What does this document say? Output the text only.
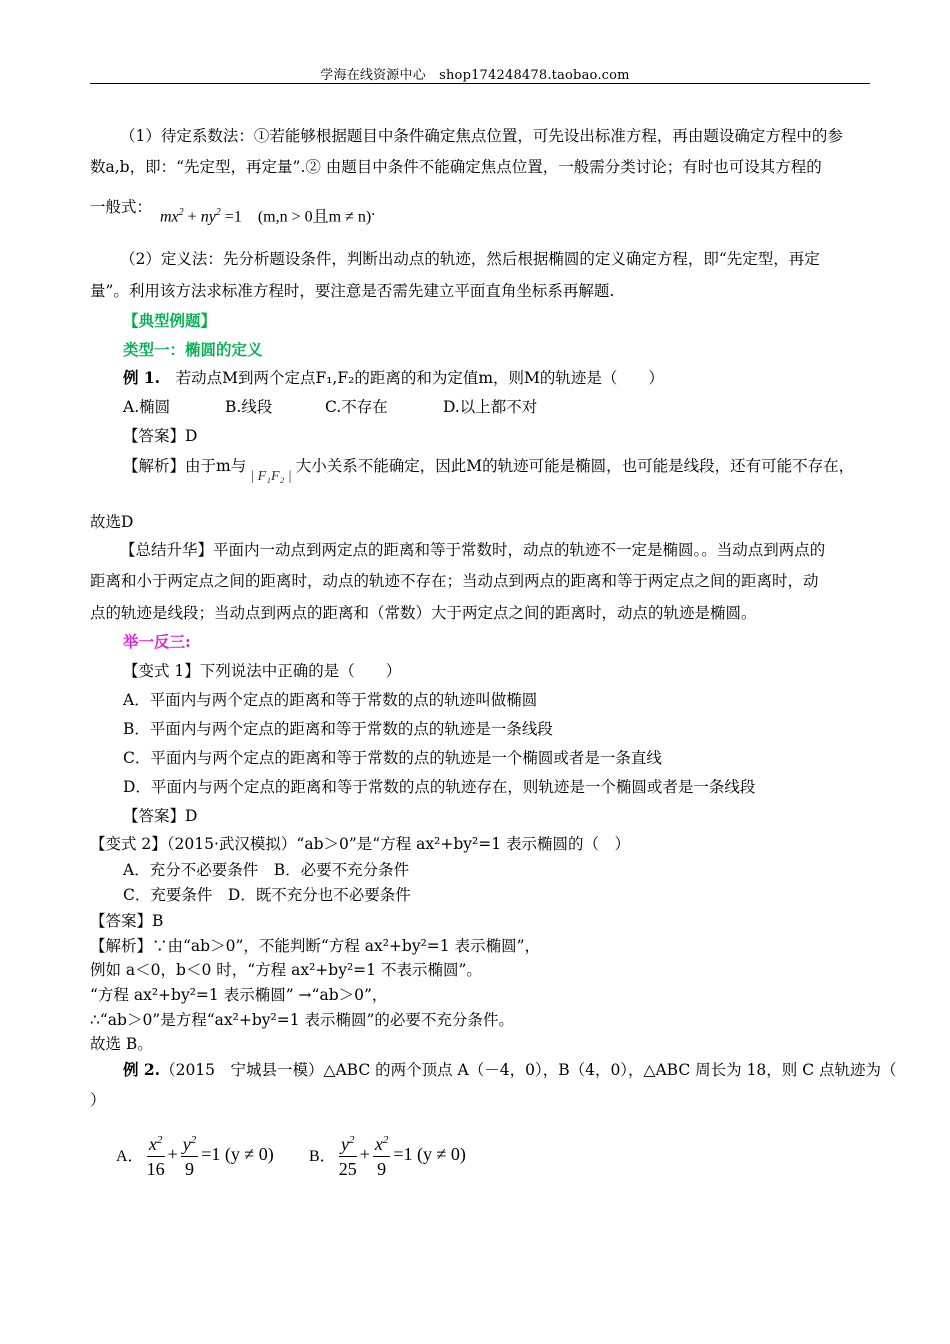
学海在线资源中心　shop174248478.taobao.com
（1）待定系数法：①若能够根据题目中条件确定焦点位置，可先设出标准方程，再由题设确定方程中的参
数a,b，即：“先定型，再定量”.② 由题目中条件不能确定焦点位置，一般需分类讨论；有时也可设其方程的
一般式：
$mx^2 + ny^2 =1$　(m,n > 0且m ≠ n).
（2）定义法：先分析题设条件，判断出动点的轨迹，然后根据椭圆的定义确定方程，即“先定型，再定
量”。利用该方法求标准方程时，要注意是否需先建立平面直角坐标系再解题.
【典型例题】
类型一：椭圆的定义
例 1.　若动点M到两个定点F₁,F₂的距离的和为定值m，则M的轨迹是（　　）
A.椭圆	B.线段	C.不存在	D.以上都不对
【答案】D
【解析】由于m与| F₁F₂ |大小关系不能确定，因此M的轨迹可能是椭圆，也可能是线段，还有可能不存在，
故选D
【总结升华】平面内一动点到两定点的距离和等于常数时，动点的轨迹不一定是椭圆。。当动点到两点的
距离和小于两定点之间的距离时，动点的轨迹不存在；当动点到两点的距离和等于两定点之间的距离时，动
点的轨迹是线段；当动点到两点的距离和（常数）大于两定点之间的距离时，动点的轨迹是椭圆。
举一反三:
【变式 1】下列说法中正确的是（　　）
A．平面内与两个定点的距离和等于常数的点的轨迹叫做椭圆
B．平面内与两个定点的距离和等于常数的点的轨迹是一条线段
C．平面内与两个定点的距离和等于常数的点的轨迹是一个椭圆或者是一条直线
D．平面内与两个定点的距离和等于常数的点的轨迹存在，则轨迹是一个椭圆或者是一条线段
【答案】D
【变式 2】（2015·武汉模拟）“ab＞0”是“方程 ax²+by²=1 表示椭圆的（　）
A．充分不必要条件　B．必要不充分条件
C．充要条件　D．既不充分也不必要条件
【答案】B
【解析】∵由“ab＞0”，不能判断“方程 ax²+by²=1 表示椭圆”，
例如 a＜0，b＜0 时，“方程 ax²+by²=1 不表示椭圆”。
“方程 ax²+by²=1 表示椭圆” →“ab＞0”，
∴“ab＞0”是方程“ax²+by²=1 表示椭圆”的必要不充分条件。
故选 B。
例 2.（2015　宁城县一模）△ABC 的两个顶点 A（－4，0），B（4，0），△ABC 周长为 18，则 C 点轨迹为（
）
A． $\frac{x^2}{16} + \frac{y^2}{9} =1$ (y ≠ 0) B． $\frac{y^2}{25} + \frac{x^2}{9} =1$ (y ≠ 0)
